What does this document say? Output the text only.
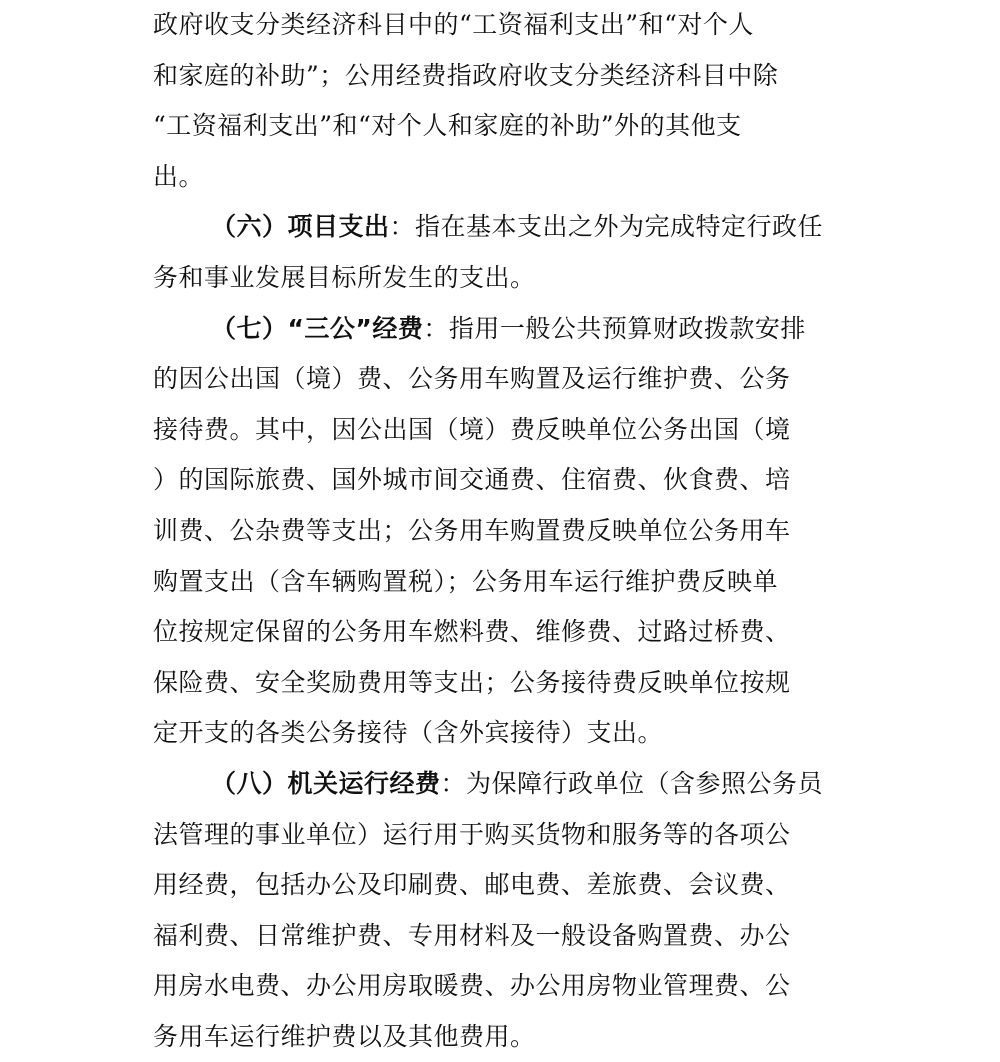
政府收支分类经济科目中的“工资福利支出”和“对个人
和家庭的补助”；公用经费指政府收支分类经济科目中除
“工资福利支出”和“对个人和家庭的补助”外的其他支
出。
（六）项目支出：指在基本支出之外为完成特定行政任
务和事业发展目标所发生的支出。
（七）“三公”经费：指用一般公共预算财政拨款安排
的因公出国（境）费、公务用车购置及运行维护费、公务
接待费。其中，因公出国（境）费反映单位公务出国（境
）的国际旅费、国外城市间交通费、住宿费、伙食费、培
训费、公杂费等支出；公务用车购置费反映单位公务用车
购置支出（含车辆购置税）；公务用车运行维护费反映单
位按规定保留的公务用车燃料费、维修费、过路过桥费、
保险费、安全奖励费用等支出；公务接待费反映单位按规
定开支的各类公务接待（含外宾接待）支出。
（八）机关运行经费：为保障行政单位（含参照公务员
法管理的事业单位）运行用于购买货物和服务等的各项公
用经费，包括办公及印刷费、邮电费、差旅费、会议费、
福利费、日常维护费、专用材料及一般设备购置费、办公
用房水电费、办公用房取暖费、办公用房物业管理费、公
务用车运行维护费以及其他费用。
